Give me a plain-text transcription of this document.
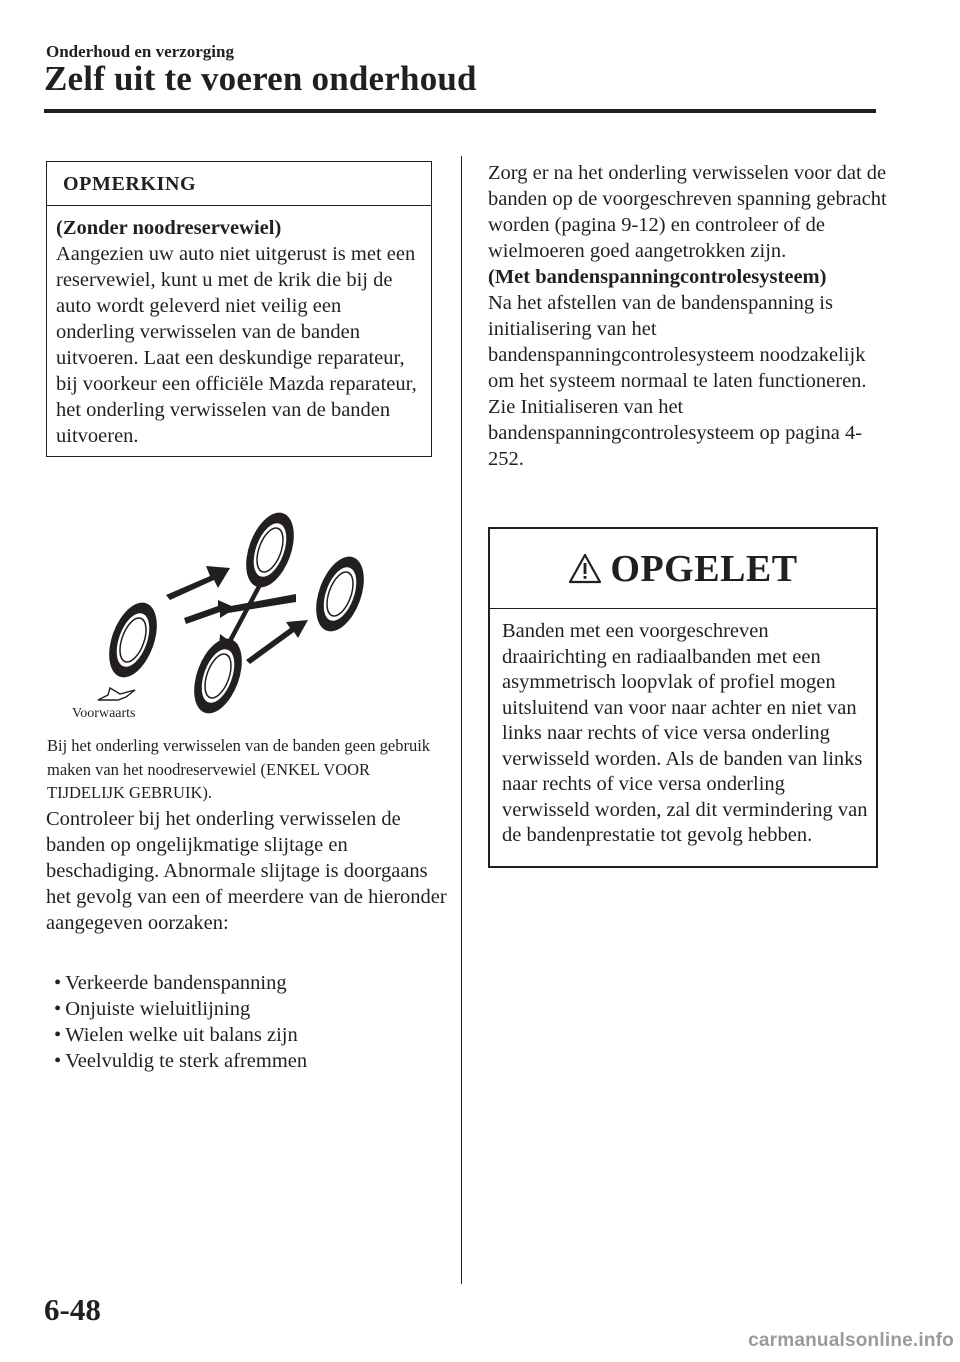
Onderhoud en verzorging
Zelf uit te voeren onderhoud
OPMERKING
(Zonder noodreservewiel)
Aangezien uw auto niet uitgerust is met een reservewiel, kunt u met de krik die bij de auto wordt geleverd niet veilig een onderling verwisselen van de banden uitvoeren. Laat een deskundige reparateur, bij voorkeur een officiële Mazda reparateur, het onderling verwisselen van de banden uitvoeren.
Voorwaarts
Bij het onderling verwisselen van de banden geen gebruik maken van het noodreservewiel (ENKEL VOOR TIJDELIJK GEBRUIK).
Controleer bij het onderling verwisselen de banden op ongelijkmatige slijtage en beschadiging. Abnormale slijtage is doorgaans het gevolg van een of meerdere van de hieronder aangegeven oorzaken:
• Verkeerde bandenspanning
• Onjuiste wieluitlijning
• Wielen welke uit balans zijn
• Veelvuldig te sterk afremmen
Zorg er na het onderling verwisselen voor dat de banden op de voorgeschreven spanning gebracht worden (pagina 9-12) en controleer of de wielmoeren goed aangetrokken zijn.
(Met bandenspanningcontrolesysteem)
Na het afstellen van de bandenspanning is initialisering van het bandenspanningcontrolesysteem noodzakelijk om het systeem normaal te laten functioneren.
Zie Initialiseren van het bandenspanningcontrolesysteem op pagina 4-252.
OPGELET
Banden met een voorgeschreven draairichting en radiaalbanden met een asymmetrisch loopvlak of profiel mogen uitsluitend van voor naar achter en niet van links naar rechts of vice versa onderling verwisseld worden. Als de banden van links naar rechts of vice versa onderling verwisseld worden, zal dit vermindering van de bandenprestatie tot gevolg hebben.
6-48
carmanualsonline.info
